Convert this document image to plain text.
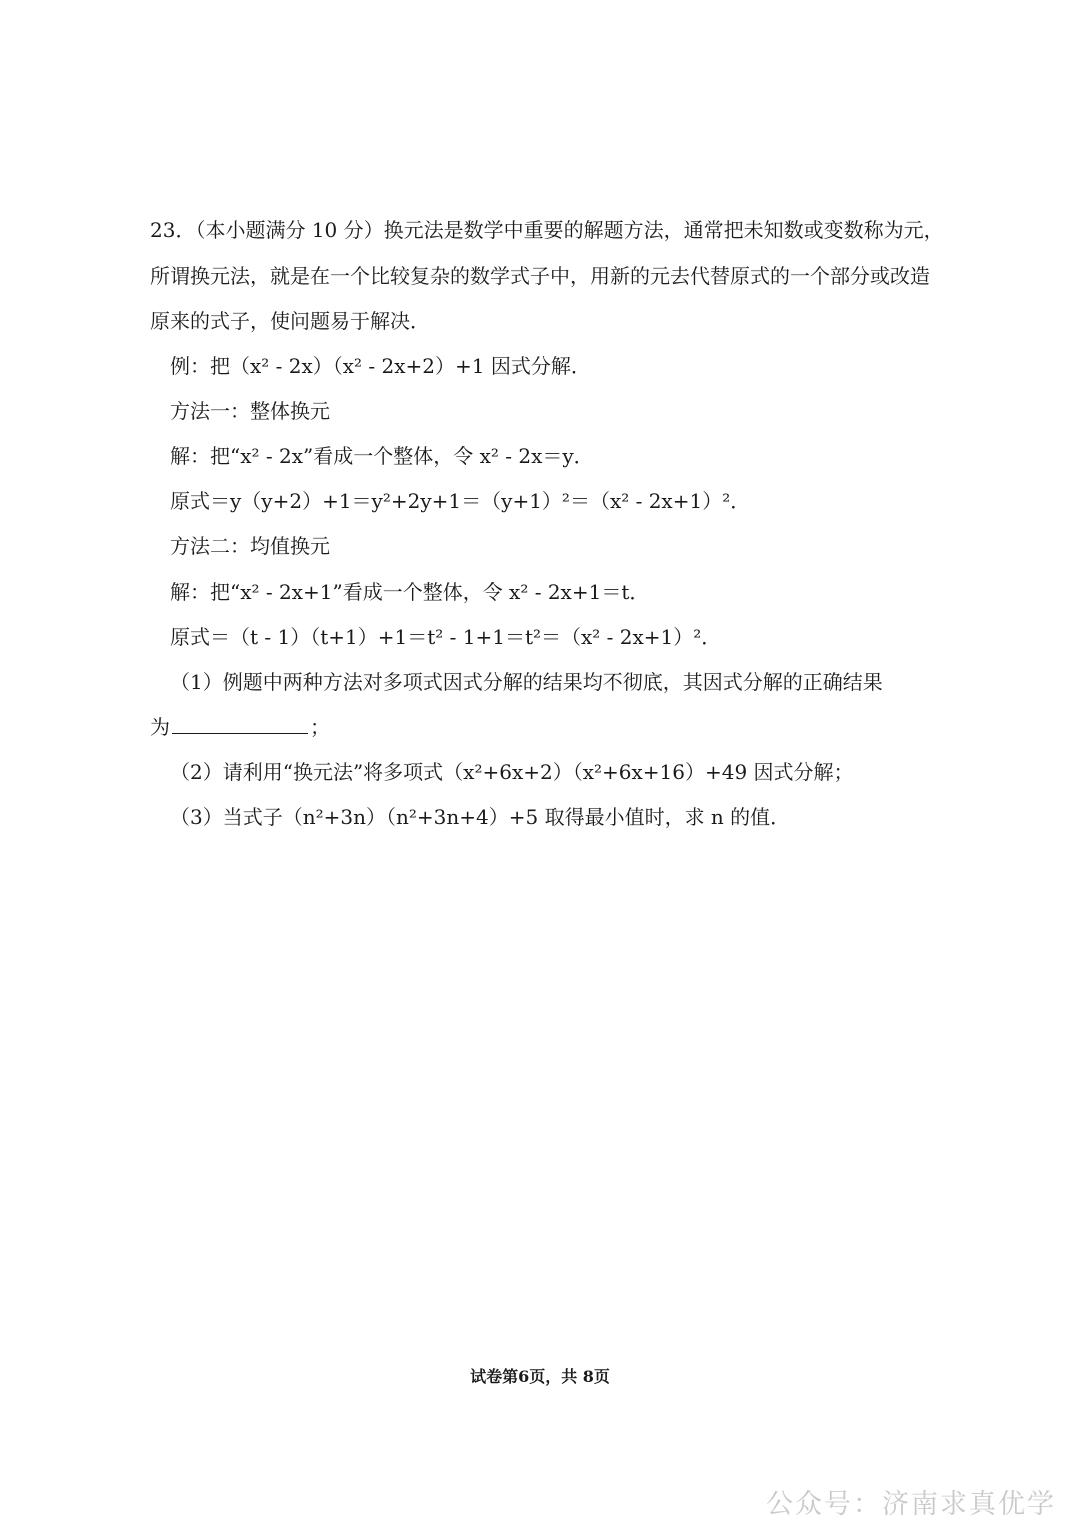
23．（本小题满分 10 分）换元法是数学中重要的解题方法，通常把未知数或变数称为元，
所谓换元法，就是在一个比较复杂的数学式子中，用新的元去代替原式的一个部分或改造
原来的式子，使问题易于解决．
例：把（x² - 2x）（x² - 2x+2）+1 因式分解．
方法一：整体换元
解：把“x² - 2x”看成一个整体，令 x² - 2x＝y．
原式＝y（y+2）+1＝y²+2y+1＝（y+1）²＝（x² - 2x+1）²．
方法二：均值换元
解：把“x² - 2x+1”看成一个整体，令 x² - 2x+1＝t．
原式＝（t - 1）（t+1）+1＝t² - 1+1＝t²＝（x² - 2x+1）²．
（1）例题中两种方法对多项式因式分解的结果均不彻底，其因式分解的正确结果
为	；
（2）请利用“换元法”将多项式（x²+6x+2）（x²+6x+16）+49 因式分解；
（3）当式子（n²+3n）（n²+3n+4）+5 取得最小值时，求 n 的值．
试卷第6页，共 8页
公众号：济南求真优学
